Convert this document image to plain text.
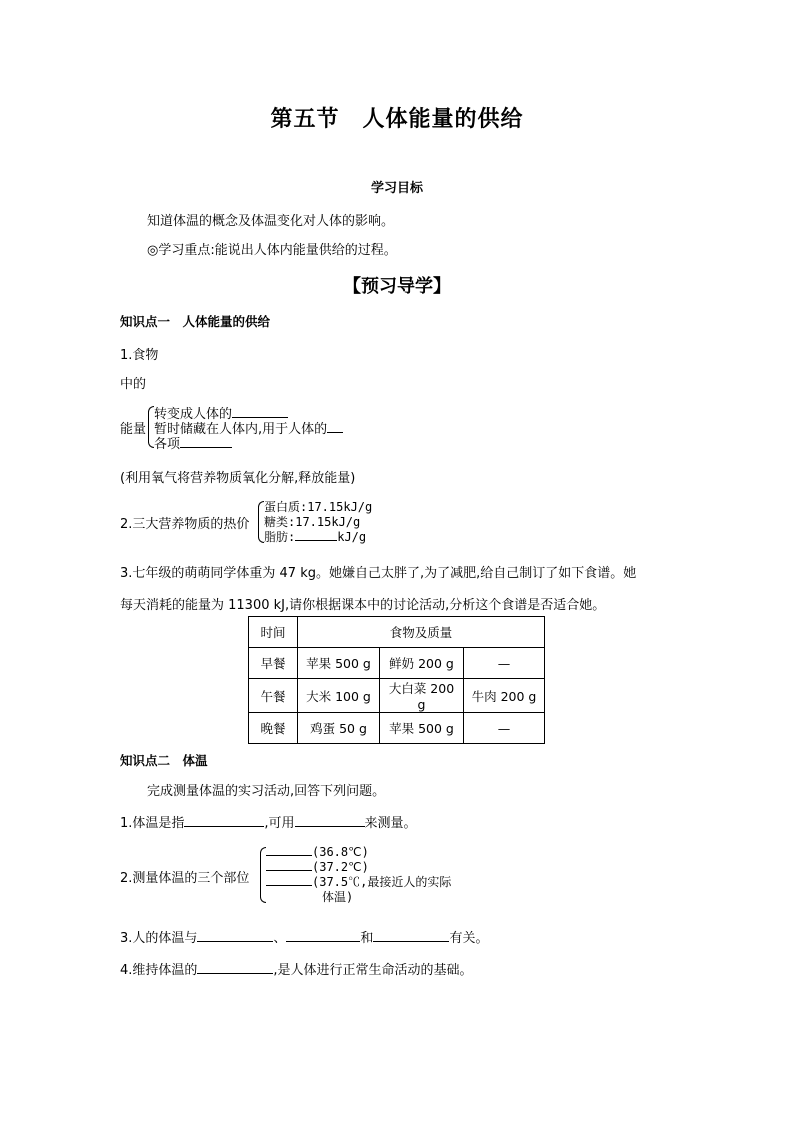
第五节　人体能量的供给
学习目标
知道体温的概念及体温变化对人体的影响。
◎学习重点:能说出人体内能量供给的过程。
【预习导学】
知识点一　人体能量的供给
1.食物
中的
能量
转变成人体的
暂时储藏在人体内,用于人体的
各项
(利用氧气将营养物质氧化分解,释放能量)
2.三大营养物质的热价
蛋白质:17.15kJ/g
糖类:17.15kJ/g
脂肪:	kJ/g
3.七年级的萌萌同学体重为 47 kg。她嫌自己太胖了,为了减肥,给自己制订了如下食谱。她
每天消耗的能量为 11300 kJ,请你根据课本中的讨论活动,分析这个食谱是否适合她。
时间	食物及质量		
早餐	苹果 500 g	鲜奶 200 g	—
午餐	大米 100 g	大白菜 200 g	牛肉 200 g
晚餐	鸡蛋 50 g	苹果 500 g	—
知识点二　体温
完成测量体温的实习活动,回答下列问题。
1.体温是指	,可用	来测量。
2.测量体温的三个部位
(36.8℃)
(37.2℃)
(37.5℃,最接近人的实际
体温)
3.人的体温与	、	和	有关。
4.维持体温的	,是人体进行正常生命活动的基础。
